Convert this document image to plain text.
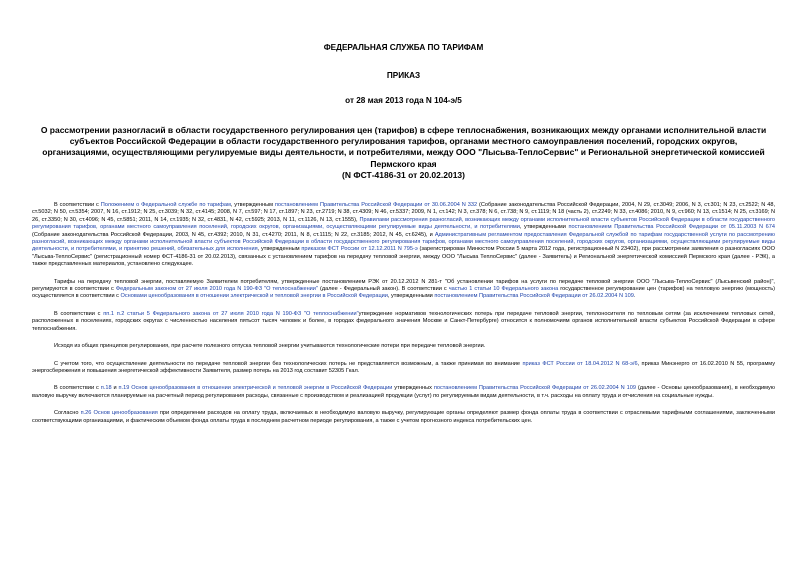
ФЕДЕРАЛЬНАЯ СЛУЖБА ПО ТАРИФАМ
ПРИКАЗ
от 28 мая 2013 года N 104-э/5
О рассмотрении разногласий в области государственного регулирования цен (тарифов) в сфере теплоснабжения, возникающих между органами исполнительной власти субъектов Российской Федерации в области государственного регулирования тарифов, органами местного самоуправления поселений, городских округов, организациями, осуществляющими регулируемые виды деятельности, и потребителями, между ООО "Лысьва-ТеплоСервис" и Региональной энергетической комиссией Пермского края
(N ФСТ-4186-31 от 20.02.2013)

В соответствии с Положением о Федеральной службе по тарифам, утвержденным постановлением Правительства Российской Федерации от 30.06.2004 N 332 (Собрание законодательства Российской Федерации, 2004, N 29, ст.3049; 2006, N 3, ст.301; N 23, ст.2522; N 48, ст.5032; N 50, ст.5354; 2007, N 16, ст.1912; N 25, ст.3039; N 32, ст.4145; 2008, N 7, ст.597; N 17, ст.1897; N 23, ст.2719; N 38, ст.4309; N 46, ст.5337; 2009, N 1, ст.142; N 3, ст.378; N 6, ст.738; N 9, ст.1119; N 18 (часть 2), ст.2249; N 33, ст.4086; 2010, N 9, ст.960; N 13, ст.1514; N 25, ст.3169; N 26, ст.3350; N 30, ст.4096; N 45, ст.5851; 2011, N 14, ст.1935; N 32, ст.4831, N 42, ст.5925; 2013, N 11, ст.1126, N 13, ст.1555), Правилами рассмотрения разногласий, возникающих между органами исполнительной власти субъектов Российской Федерации в области государственного регулирования тарифов, органами местного самоуправления поселений, городских округов, организациями, осуществляющими регулируемые виды деятельности, и потребителями, утвержденными постановлением Правительства Российской Федерации от 05.11.2003 N 674 (Собрание законодательства Российской Федерации, 2003, N 45, ст.4392; 2010, N 31, ст.4270; 2011, N 8, ст.1115; N 22, ст.3185; 2012, N 45, ст.6245), и Административным регламентом предоставления Федеральной службой по тарифам государственной услуги по рассмотрению разногласий, возникающих между органами исполнительной власти субъектов Российской Федерации в области государственного регулирования тарифов, органами местного самоуправления поселений, городских округов, организациями, осуществляющими регулируемые виды деятельности, и потребителями, и принятию решений, обязательных для исполнения, утвержденным приказом ФСТ России от 12.12.2011 N 795-э (зарегистрирован Минюстом России 5 марта 2012 года, регистрационный N 23402), при рассмотрении заявления о разногласиях ООО "Лысьва-ТеплоСервис" (регистрационный номер ФСТ-4186-31 от 20.02.2013), связанных с установлением тарифов на передачу тепловой энергии, между ООО "Лысьва ТеплоСервис" (далее - Заявитель) и Региональной энергетической комиссией Пермского края (далее - РЭК), а также представленных материалов, установлено следующее.

Тарифы на передачу тепловой энергии, поставляемую Заявителем потребителям, утвержденные постановлением РЭК от 20.12.2012 N 281-т "Об установлении тарифов на услуги по передаче тепловой энергии ООО "Лысьва-ТеплоСервис" (Лысьвенский район)", регулируются в соответствии с Федеральным законом от 27 июля 2010 года N 190-ФЗ "О теплоснабжении" (далее - Федеральный закон). В соответствии с частью 1 статьи 10 Федерального закона государственное регулирование цен (тарифов) на тепловую энергию (мощность) осуществляется в соответствии с Основами ценообразования в отношении электрической и тепловой энергии в Российской Федерации, утвержденными постановлением Правительства Российской Федерации от 26.02.2004 N 109.

В соответствии с пп.1 п.2 статьи 5 Федерального закона от 27 июля 2010 года N 190-ФЗ "О теплоснабжении"утверждение нормативов технологических потерь при передаче тепловой энергии, теплоносителя по тепловым сетям (за исключением тепловых сетей, расположенных в поселениях, городских округах с численностью населения пятьсот тысяч человек и более, в городах федерального значения Москве и Санкт-Петербурге) относится к полномочиям органов исполнительной власти субъектов Российской Федерации в сфере теплоснабжения.

Исходя из общих принципов регулирования, при расчете полезного отпуска тепловой энергии учитываются технологические потери при передаче тепловой энергии.

С учетом того, что осуществление деятельности по передаче тепловой энергии без технологических потерь не представляется возможным, а также принимая во внимание приказ ФСТ России от 18.04.2012 N 68-э/6, приказ Минэнерго от 16.02.2010 N 55, программу энергосбережения и повышения энергетической эффективности Заявителя, размер потерь на 2013 год составит 52305 Гкал.

В соответствии с п.18 и п.19 Основ ценообразования в отношении электрической и тепловой энергии в Российской Федерации утвержденных постановлением Правительства Российской Федерации от 26.02.2004 N 109 (далее - Основы ценообразования), в необходимую валовую выручку включаются планируемые на расчетный период регулирования расходы, связанные с производством и реализацией продукции (услуг) по регулируемым видам деятельности, в т.ч. расходы на оплату труда и отчисления на социальные нужды.

Согласно п.26 Основ ценообразования при определении расходов на оплату труда, включаемых в необходимую валовую выручку, регулирующие органы определяют размер фонда оплаты труда в соответствии с отраслевыми тарифными соглашениями, заключенными соответствующими организациями, и фактическим объемом фонда оплаты труда в последнем расчетном периоде регулирования, а также с учетом прогнозного индекса потребительских цен.
